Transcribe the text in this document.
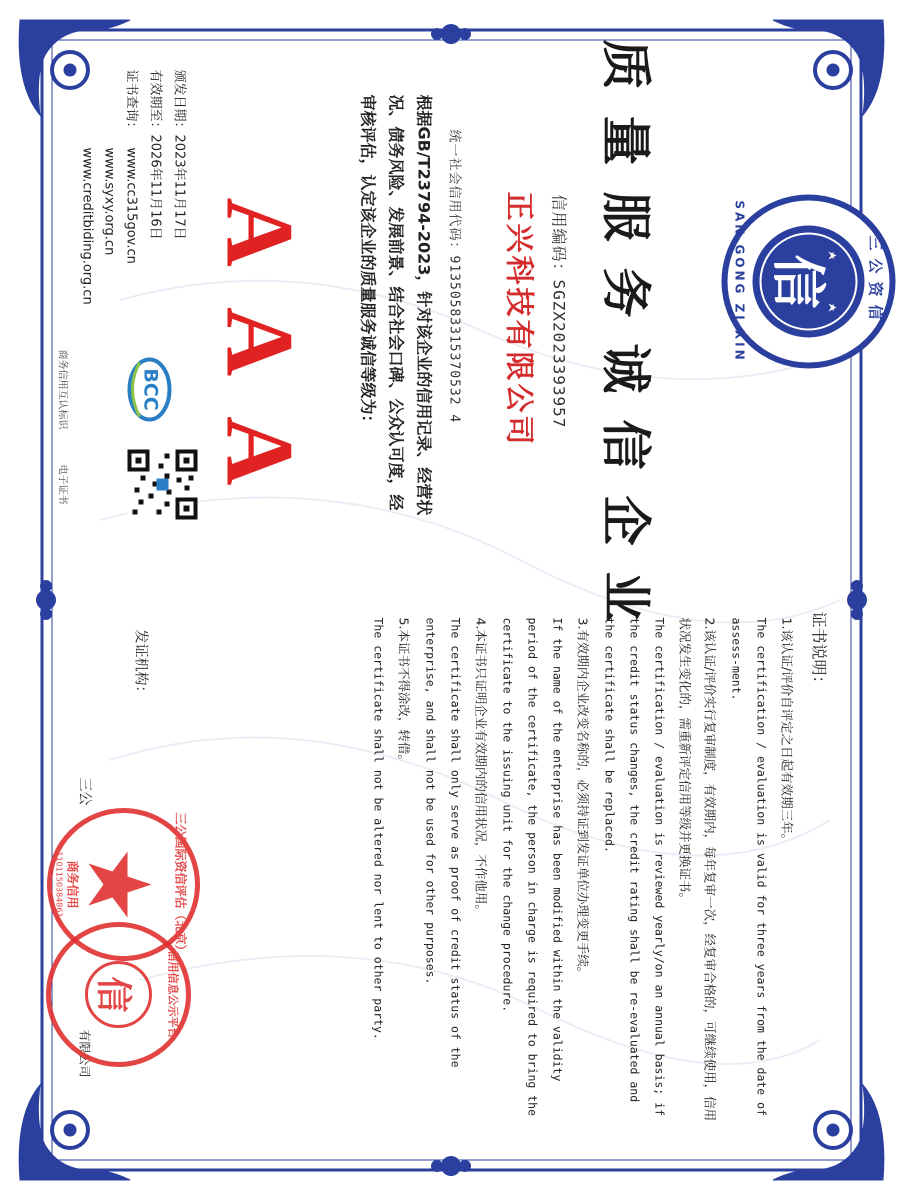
三公资信
SAN GONG ZI XIN 信
质量服务诚信企业
信用编码：SGZX2023393957
正兴科技有限公司
统一社会信用代码：91350583315370532 4
根据GB/T23794-2023，针对该企业的信用记录、经营状况、债务风险、发展前景、结合社会口碑、公众认可度，经审核评估，认定该企业的质量服务诚信等级为：
AAA
颁发日期：2023年11月17日
有效期至：2026年11月16日
证书查询：
www.cc315gov.cn
www.syxy.org.cn
www.creditbiding.org.cn
BCC
商务信用互认标识
电子证书
证书说明：
1.该认证/评价自评定之日起有效期三年。
The certification / evaluation is valid for three years from the date of assess-ment.
2.该认证/评价实行复审制度，有效期内，每年复审一次，经复审合格的，可继续使用，信用状况发生变化的，需重新评定信用等级并更换证书。
The certification / evaluation is reviewed yearly/on an annual basis; if the credit status changes, the credit rating shall be re-evaluated and the certificate shall be replaced.
3.有效期内企业改变名称的，必须持证到发证单位办理变更手续。
If the name of the enterprise has been modified within the validity period of the certificate, the person in charge is required to bring the certificate to the issuing unit for the change procedure.
4.本证书只证明企业有效期内的信用状况，不作他用。
The certificate shall only serve as proof of credit status of the enterprise, and shall not be used for other purposes.
5.本证书不得涂改，转借。
The certificate shall not be altered nor lent to other party.
发证机构：
三公
有限公司
三公国际资信评估（北京）
商务信用
1101150384861
信用信息公示平台
信
